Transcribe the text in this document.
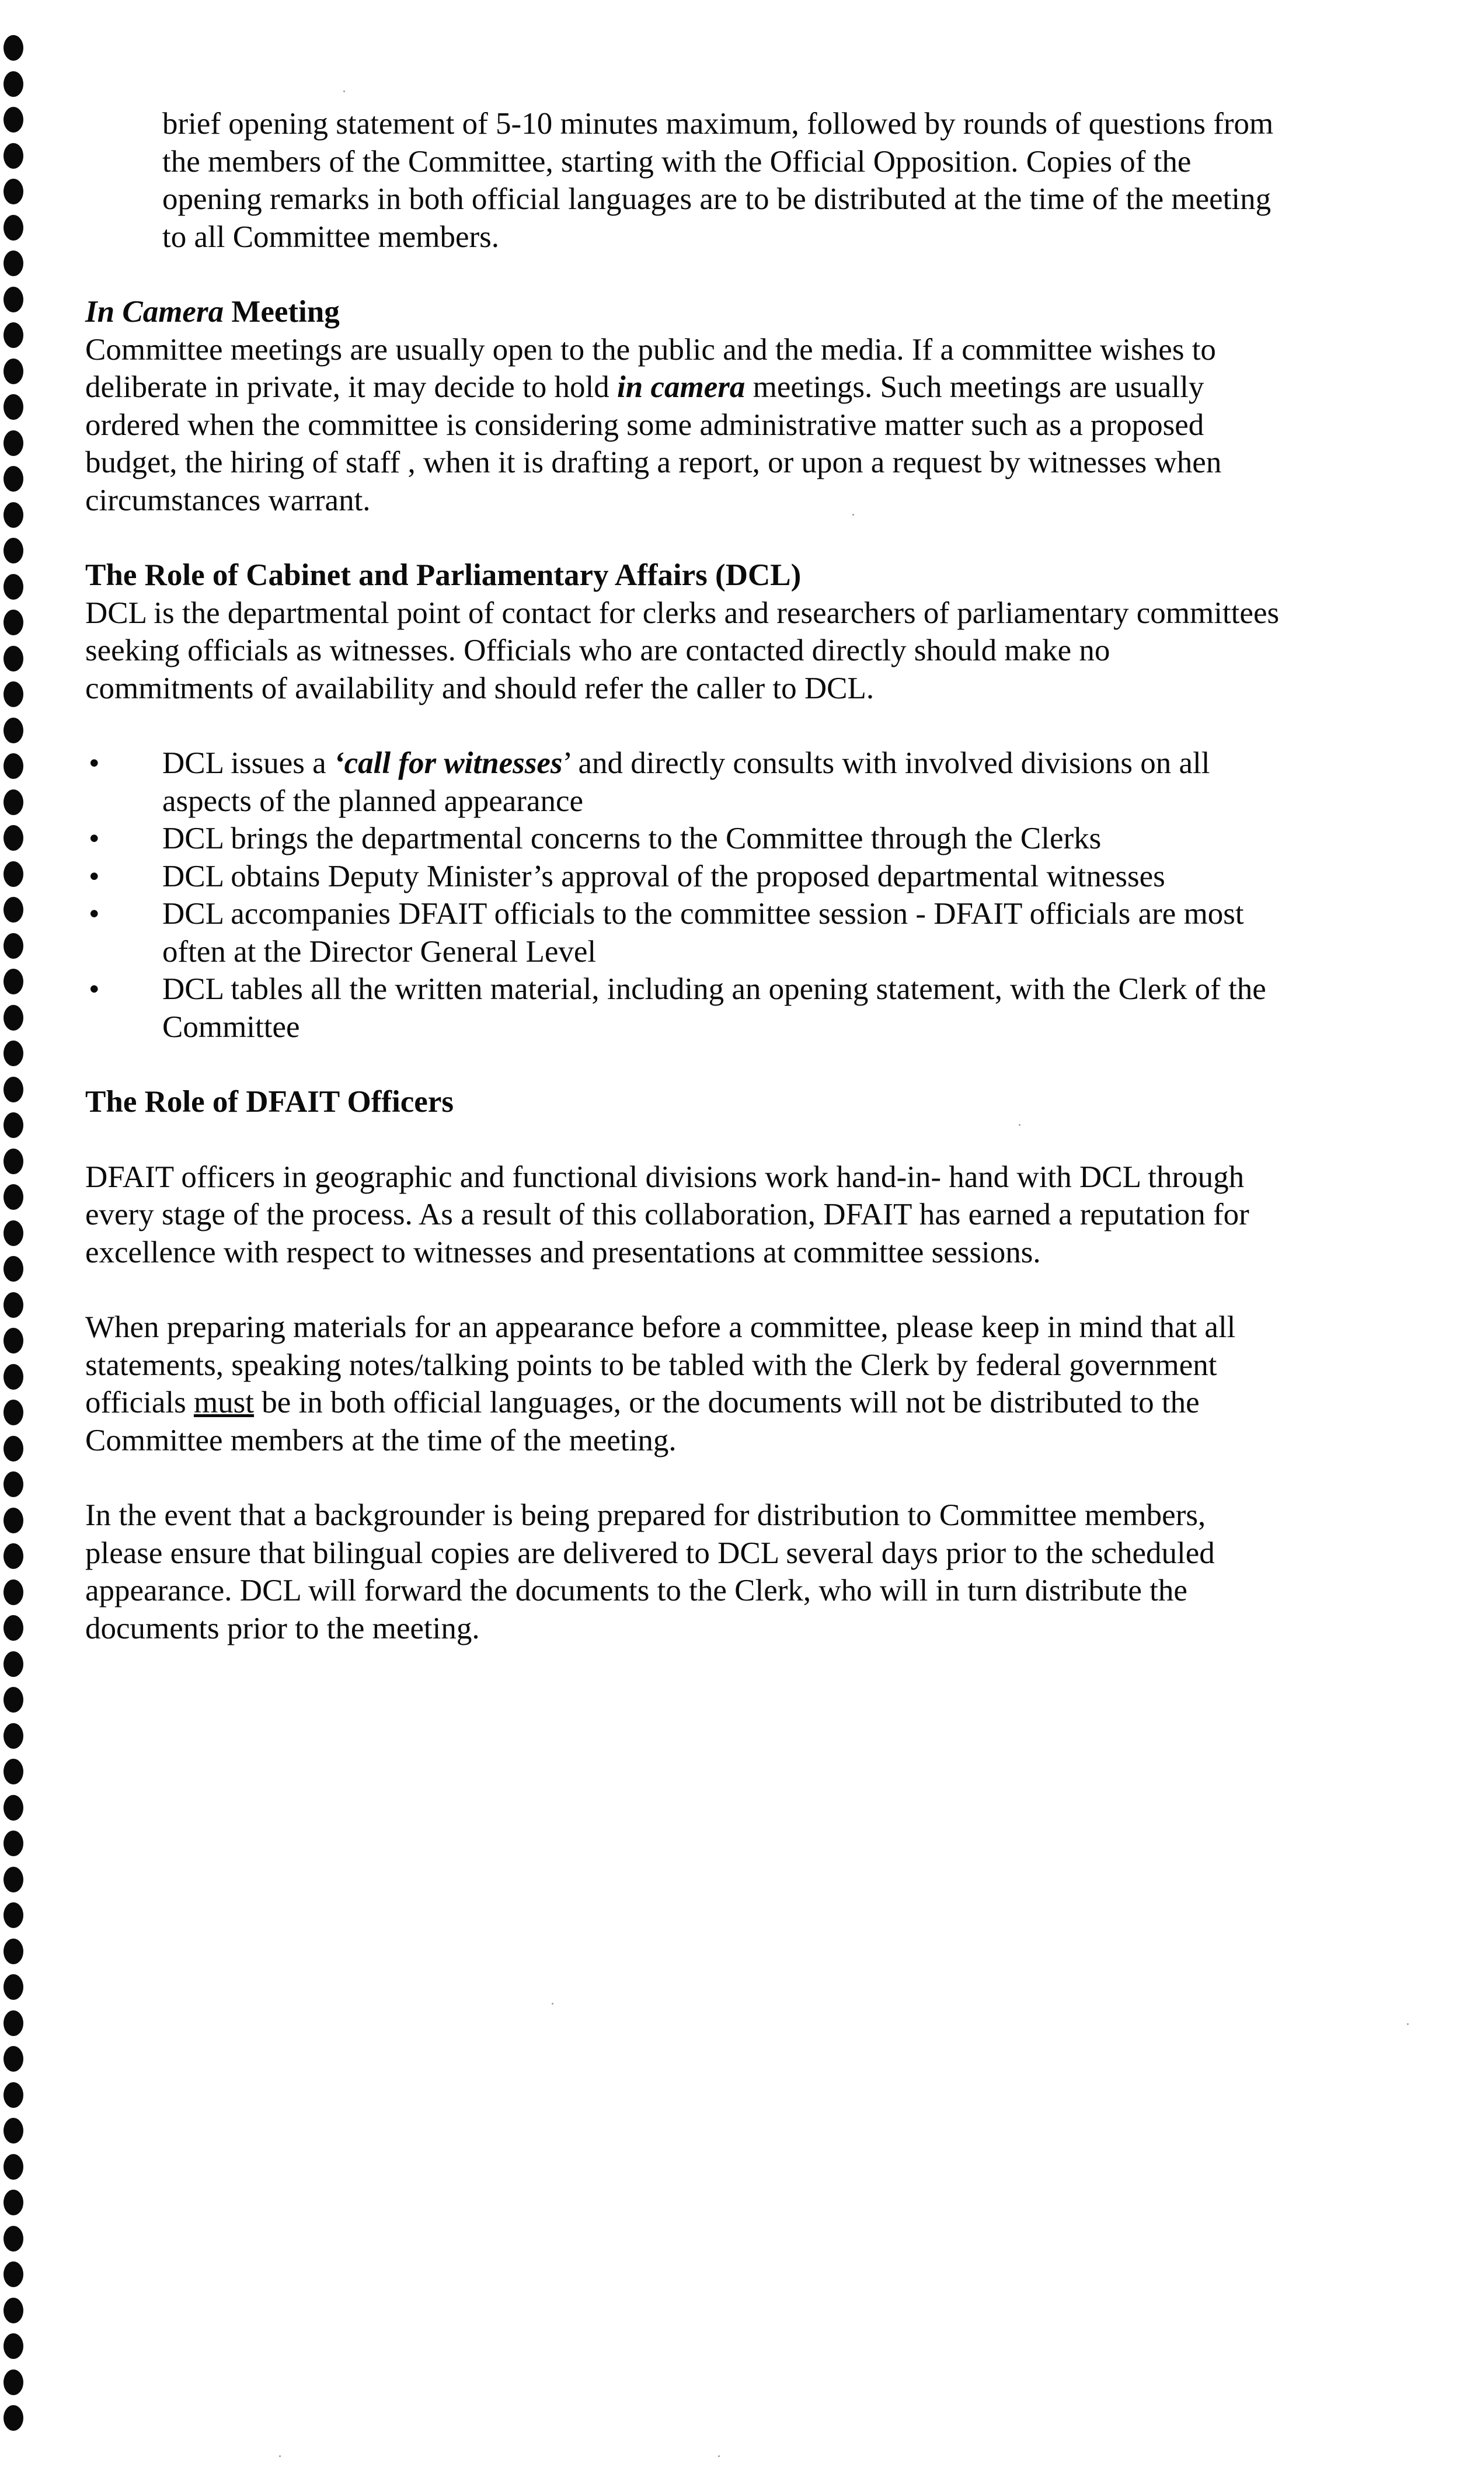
brief opening statement of 5-10 minutes maximum, followed by rounds of questions from

the members of the Committee, starting with the Official Opposition. Copies of the

opening remarks in both official languages are to be distributed at the time of the meeting

to all Committee members.

In Camera Meeting

Committee meetings are usually open to the public and the media. If a committee wishes to

deliberate in private, it may decide to hold in camera meetings. Such meetings are usually

ordered when the committee is considering some administrative matter such as a proposed

budget, the hiring of staff , when it is drafting a report, or upon a request by witnesses when

circumstances warrant.

The Role of Cabinet and Parliamentary Affairs (DCL)

DCL is the departmental point of contact for clerks and researchers of parliamentary committees

seeking officials as witnesses. Officials who are contacted directly should make no

commitments of availability and should refer the caller to DCL.

• DCL issues a ‘call for witnesses’ and directly consults with involved divisions on all
aspects of the planned appearance
• DCL brings the departmental concerns to the Committee through the Clerks
• DCL obtains Deputy Minister’s approval of the proposed departmental witnesses
• DCL accompanies DFAIT officials to the committee session - DFAIT officials are most
often at the Director General Level
• DCL tables all the written material, including an opening statement, with the Clerk of the
Committee

The Role of DFAIT Officers

DFAIT officers in geographic and functional divisions work hand-in- hand with DCL through

every stage of the process. As a result of this collaboration, DFAIT has earned a reputation for

excellence with respect to witnesses and presentations at committee sessions.

When preparing materials for an appearance before a committee, please keep in mind that all

statements, speaking notes/talking points to be tabled with the Clerk by federal government

officials must be in both official languages, or the documents will not be distributed to the

Committee members at the time of the meeting.

In the event that a backgrounder is being prepared for distribution to Committee members,

please ensure that bilingual copies are delivered to DCL several days prior to the scheduled

appearance. DCL will forward the documents to the Clerk, who will in turn distribute the

documents prior to the meeting.
